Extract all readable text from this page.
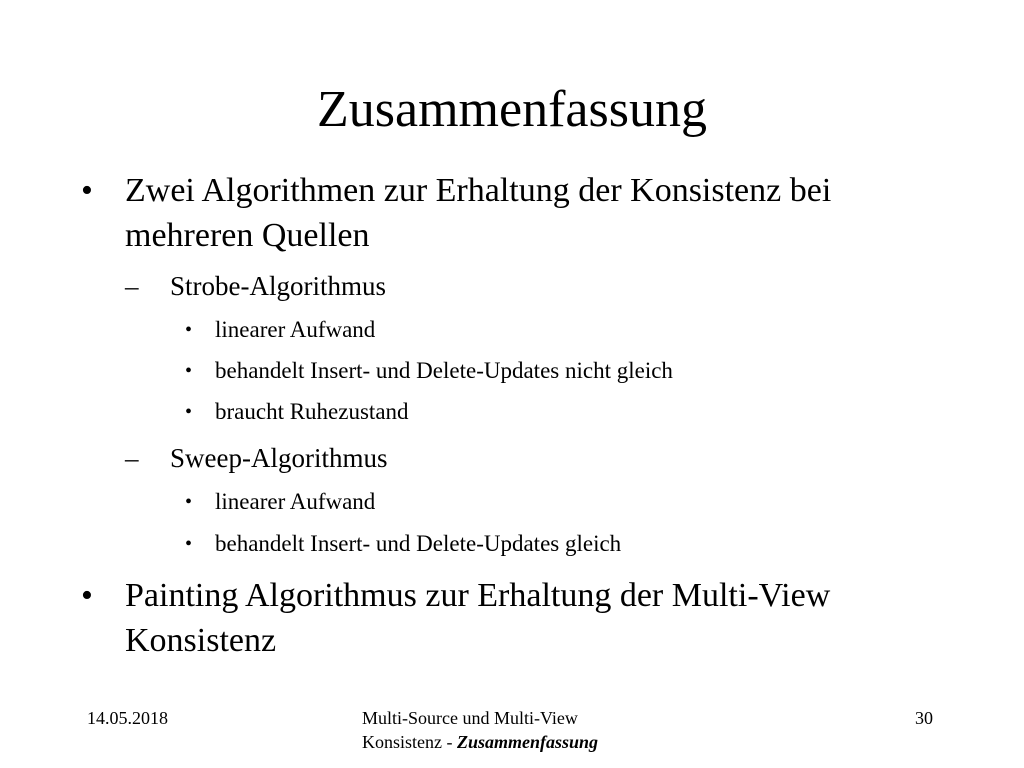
Zusammenfassung
• Zwei Algorithmen zur Erhaltung der Konsistenz bei mehreren Quellen
– Strobe-Algorithmus
• linearer Aufwand
• behandelt Insert- und Delete-Updates nicht gleich
• braucht Ruhezustand
– Sweep-Algorithmus
• linearer Aufwand
• behandelt Insert- und Delete-Updates gleich
• Painting Algorithmus zur Erhaltung der Multi-View Konsistenz
14.05.2018	Multi-Source und Multi-View
Konsistenz - Zusammenfassung
30
